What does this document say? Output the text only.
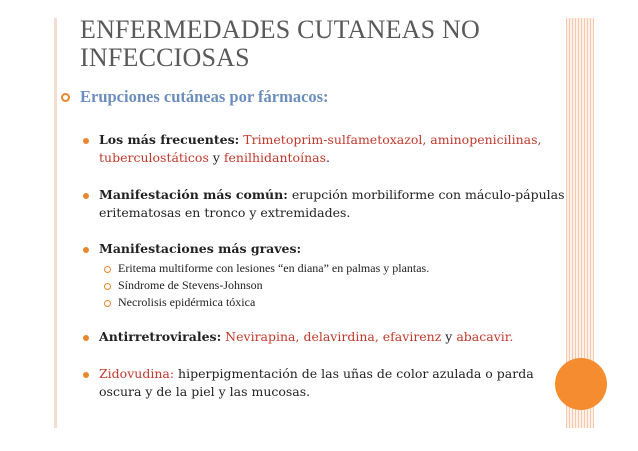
ENFERMEDADES CUTANEAS NO INFECCIOSAS
Erupciones cutáneas por fármacos:
Los más frecuentes: Trimetoprim-sulfametoxazol, aminopenicilinas, tuberculostáticos y fenilhidantoínas.
Manifestación más común: erupción morbiliforme con máculo-pápulas eritematosas en tronco y extremidades.
Manifestaciones más graves:
Eritema multiforme con lesiones “en diana” en palmas y plantas.
Síndrome de Stevens-Johnson
Necrolisis epidérmica tóxica
Antirretrovirales: Nevirapina, delavirdina, efavirenz y abacavir.
Zidovudina: hiperpigmentación de las uñas de color azulada o parda oscura y de la piel y las mucosas.
